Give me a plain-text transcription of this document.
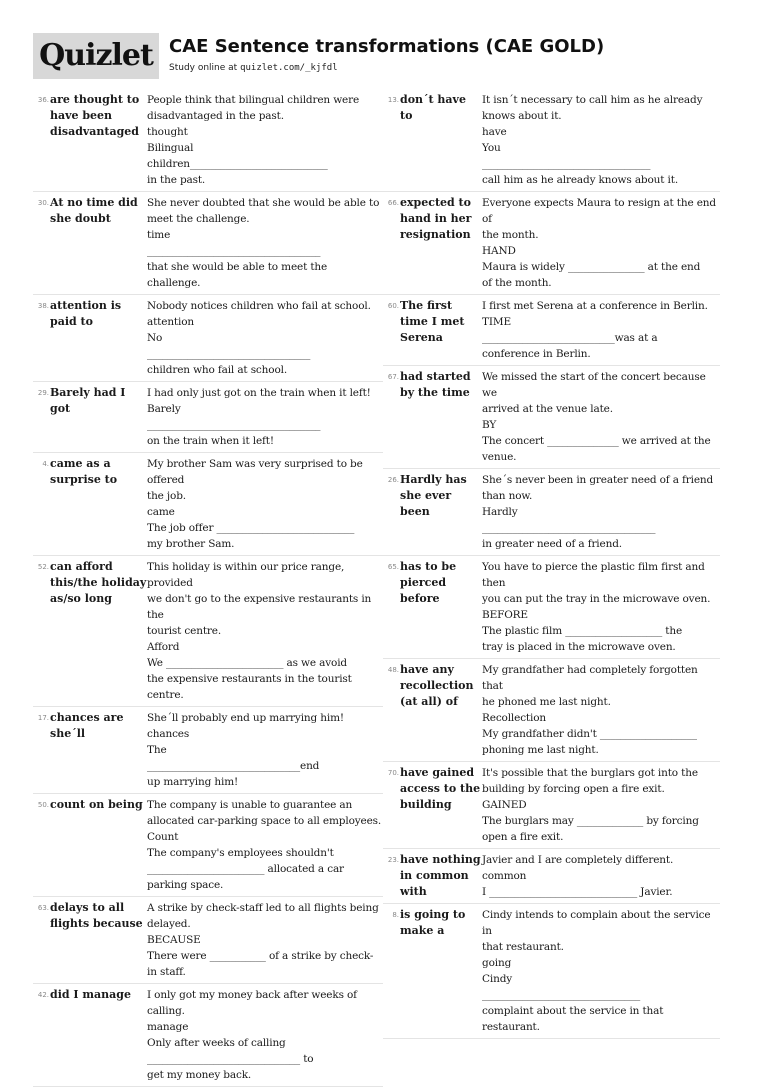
Quizlet CAE Sentence transformations (CAE GOLD)
Study online at quizlet.com/_kjfdl
36. are thought to have been disadvantaged
People think that bilingual children were
disadvantaged in the past.
thought
Bilingual
children___________________________
in the past.
30. At no time did she doubt
She never doubted that she would be able to
meet the challenge.
time
__________________________________
that she would be able to meet the challenge.
38. attention is paid to
Nobody notices children who fail at school.
attention
No
________________________________
children who fail at school.
29. Barely had I got
I had only just got on the train when it left!
Barely
__________________________________
on the train when it left!
4. came as a surprise to
My brother Sam was very surprised to be offered
the job.
came
The job offer ___________________________
my brother Sam.
52. can afford this/the holiday as/so long
This holiday is within our price range, provided
we don't go to the expensive restaurants in the
tourist centre.
Afford
We _______________________ as we avoid
the expensive restaurants in the tourist centre.
17. chances are she´ll
She´ll probably end up marrying him!
chances
The
______________________________end
up marrying him!
50. count on being The company is unable to guarantee an
allocated car-parking space to all employees.
Count
The company's employees shouldn't
_______________________ allocated a car
parking space.
63. delays to all flights because
A strike by check-staff led to all flights being
delayed.
BECAUSE
There were ___________ of a strike by check-
in staff.
42. did I manage	I only got my money back after weeks of
calling.
manage
Only after weeks of calling
______________________________ to
get my money back.
13. don´t have to
It isn´t necessary to call him as he already
knows about it.
have
You
_________________________________
call him as he already knows about it.
66. expected to hand in her resignation
Everyone expects Maura to resign at the end of
the month.
HAND
Maura is widely _______________ at the end
of the month.
60. The first time I met Serena
I first met Serena at a conference in Berlin.
TIME
__________________________was at a
conference in Berlin.
67. had started by the time
We missed the start of the concert because we
arrived at the venue late.
BY
The concert ______________ we arrived at the
venue.
26. Hardly has she ever been
She´s never been in greater need of a friend
than now.
Hardly
__________________________________
in greater need of a friend.
65. has to be pierced before
You have to pierce the plastic film first and then
you can put the tray in the microwave oven.
BEFORE
The plastic film ___________________ the
tray is placed in the microwave oven.
48. have any recollection (at all) of
My grandfather had completely forgotten that
he phoned me last night.
Recollection
My grandfather didn't ___________________
phoning me last night.
70. have gained access to the building
It's possible that the burglars got into the
building by forcing open a fire exit.
GAINED
The burglars may _____________ by forcing
open a fire exit.
23. have nothing in common with
Javier and I are completely different.
common
I _____________________________ Javier.
8. is going to make a
Cindy intends to complain about the service in
that restaurant.
going
Cindy
_______________________________
complaint about the service in that restaurant.
